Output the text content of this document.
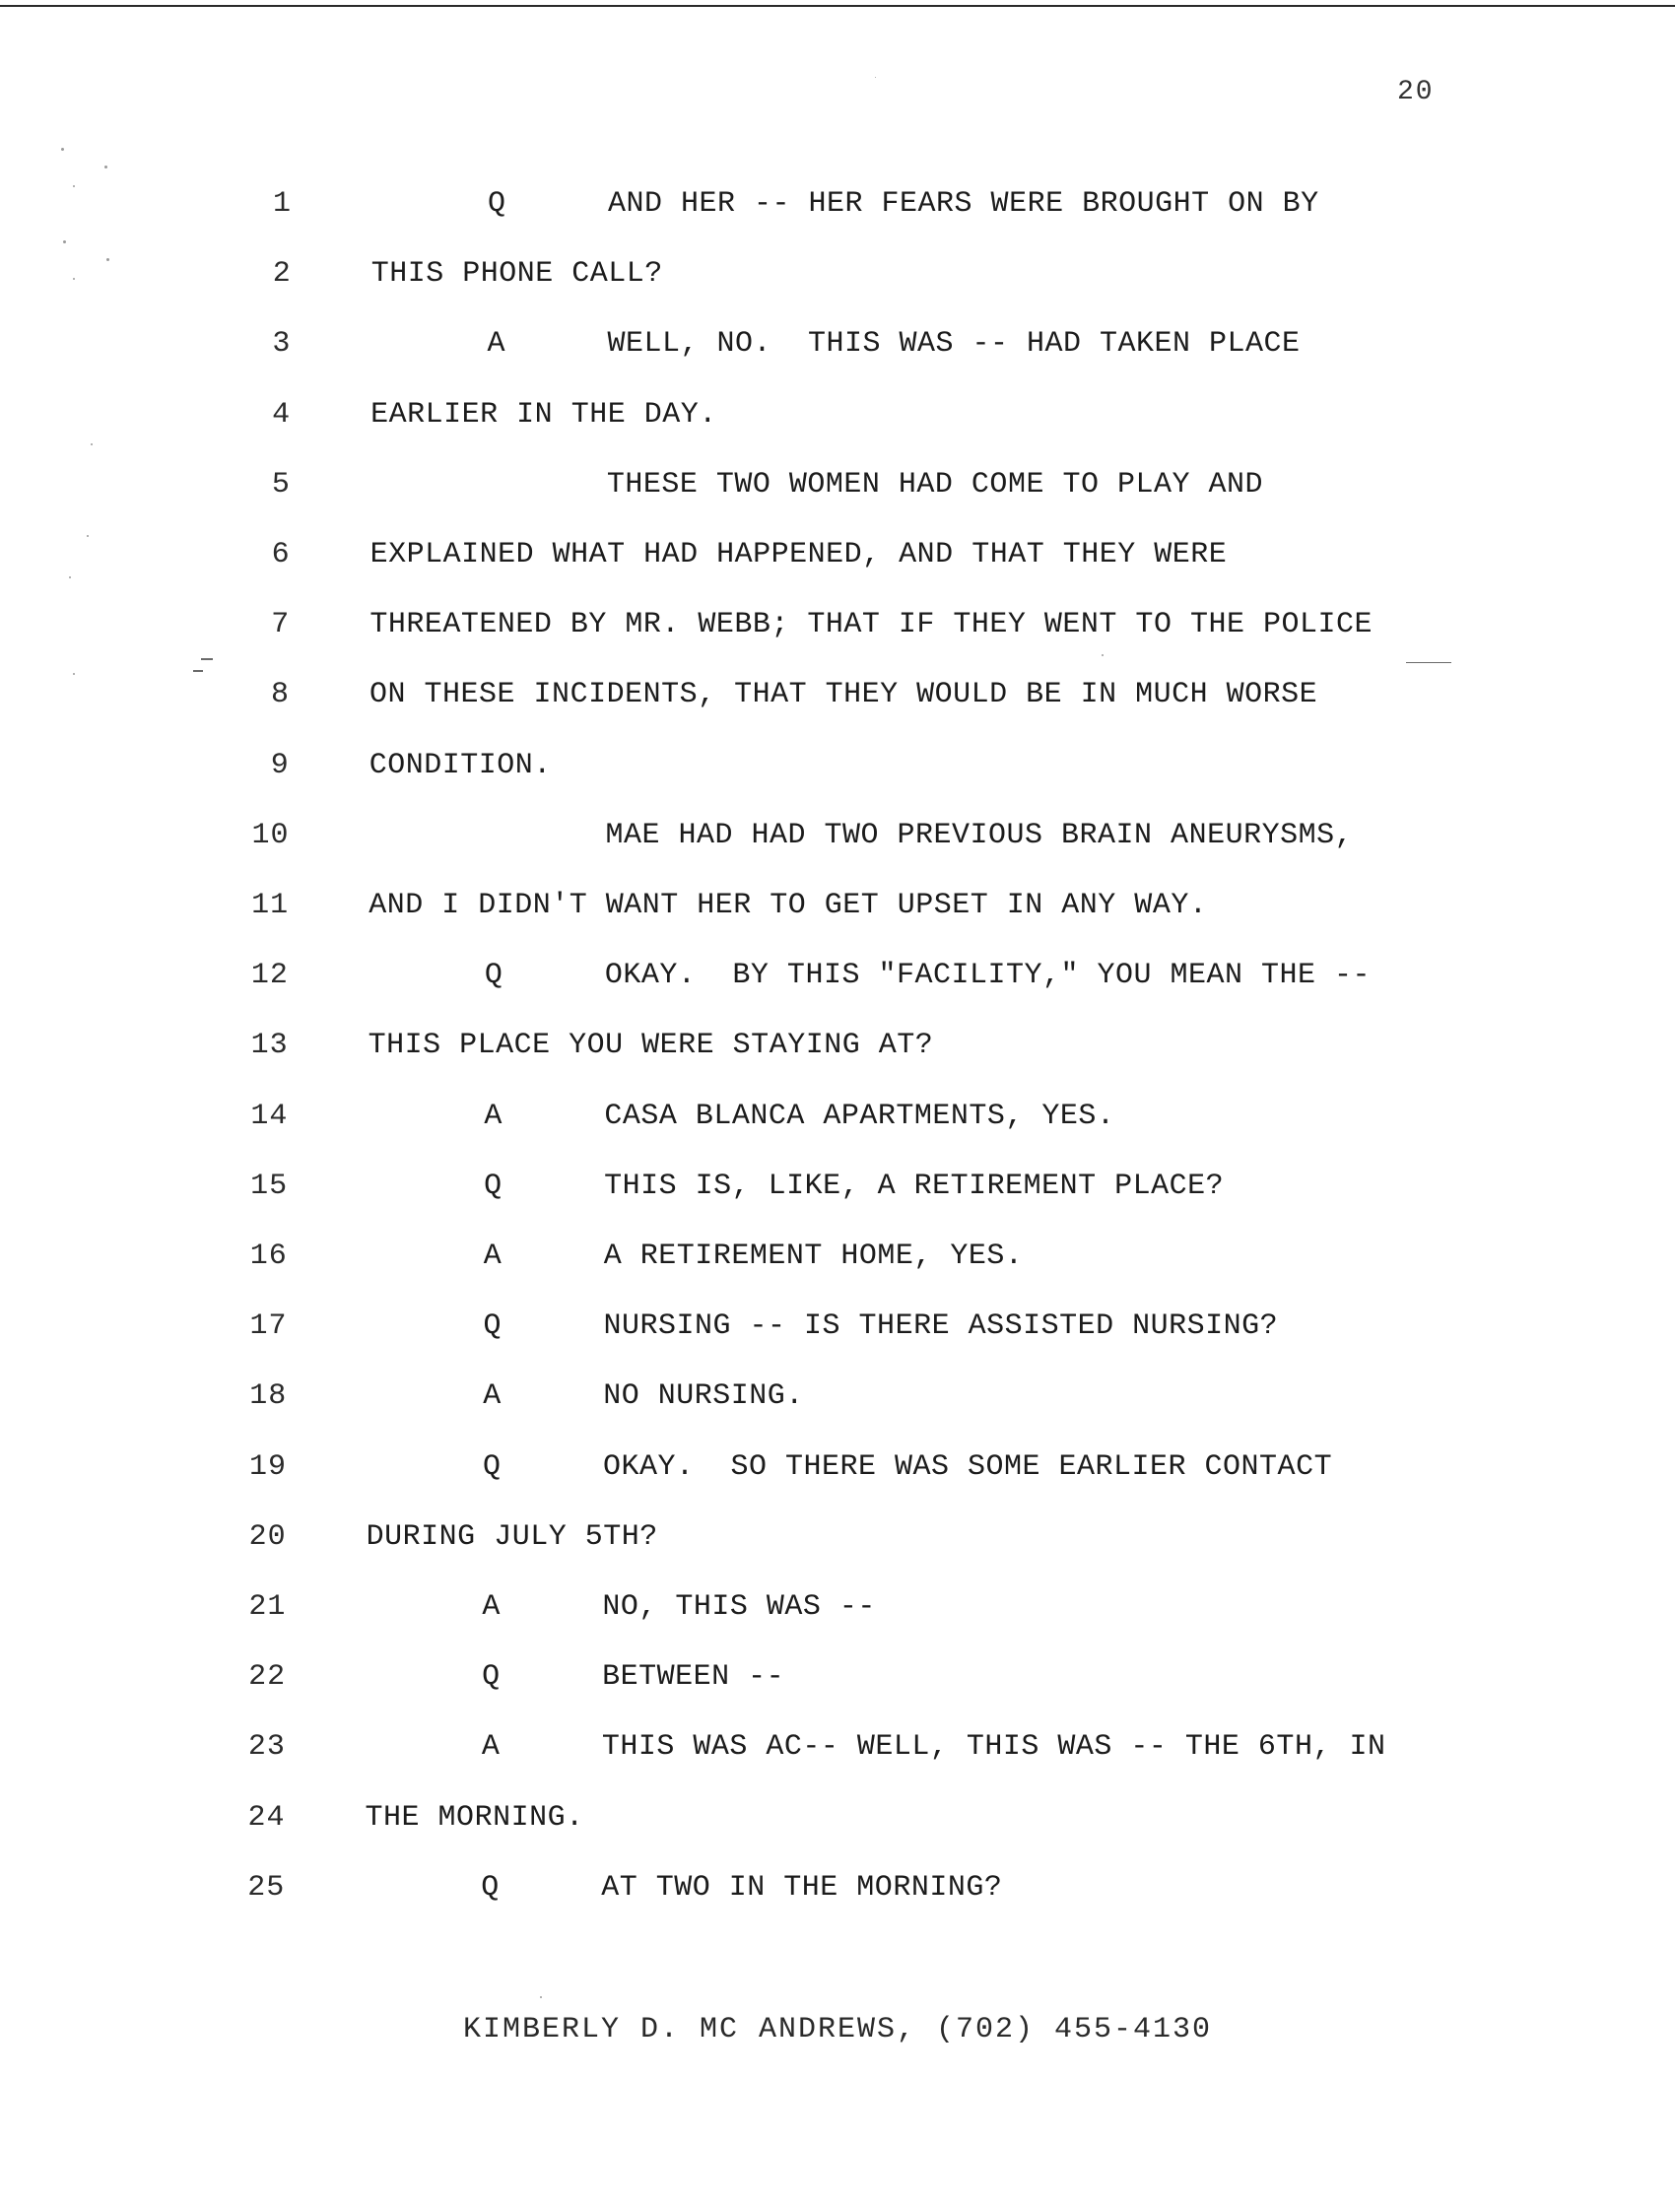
20
1	Q	AND HER -- HER FEARS WERE BROUGHT ON BY
2	THIS PHONE CALL?
3	A	WELL, NO.  THIS WAS -- HAD TAKEN PLACE
4	EARLIER IN THE DAY.
5	THESE TWO WOMEN HAD COME TO PLAY AND
6	EXPLAINED WHAT HAD HAPPENED, AND THAT THEY WERE
7	THREATENED BY MR. WEBB; THAT IF THEY WENT TO THE POLICE
8	ON THESE INCIDENTS, THAT THEY WOULD BE IN MUCH WORSE
9	CONDITION.
10	MAE HAD HAD TWO PREVIOUS BRAIN ANEURYSMS,
11	AND I DIDN'T WANT HER TO GET UPSET IN ANY WAY.
12	Q	OKAY.  BY THIS "FACILITY," YOU MEAN THE --
13	THIS PLACE YOU WERE STAYING AT?
14	A	CASA BLANCA APARTMENTS, YES.
15	Q	THIS IS, LIKE, A RETIREMENT PLACE?
16	A	A RETIREMENT HOME, YES.
17	Q	NURSING -- IS THERE ASSISTED NURSING?
18	A	NO NURSING.
19	Q	OKAY.  SO THERE WAS SOME EARLIER CONTACT
20	DURING JULY 5TH?
21	A	NO, THIS WAS --
22	Q	BETWEEN --
23	A	THIS WAS AC-- WELL, THIS WAS -- THE 6TH, IN
24	THE MORNING.
25	Q	AT TWO IN THE MORNING?
KIMBERLY D. MC ANDREWS, (702) 455-4130
